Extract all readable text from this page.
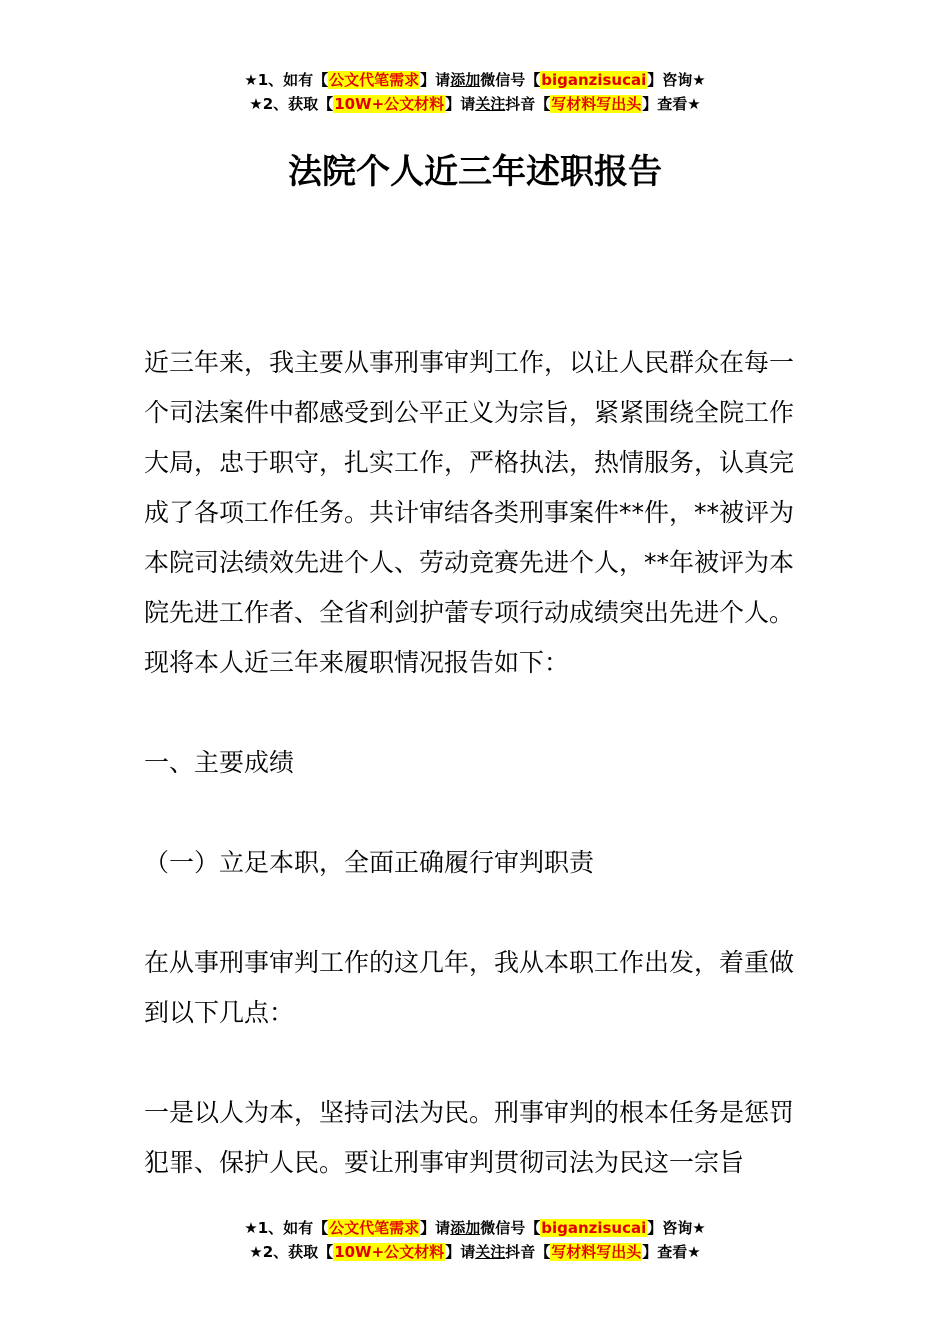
★1、如有【公文代笔需求】请添加微信号【biganzisucai】咨询★
★2、获取【10W+公文材料】请关注抖音【写材料写出头】查看★
法院个人近三年述职报告

近三年来，我主要从事刑事审判工作，以让人民群众在每一个司法案件中都感受到公平正义为宗旨，紧紧围绕全院工作大局，忠于职守，扎实工作，严格执法，热情服务，认真完成了各项工作任务。共计审结各类刑事案件**件，**被评为本院司法绩效先进个人、劳动竞赛先进个人，**年被评为本院先进工作者、全省利剑护蕾专项行动成绩突出先进个人。现将本人近三年来履职情况报告如下：

一、主要成绩

（一）立足本职，全面正确履行审判职责

在从事刑事审判工作的这几年，我从本职工作出发，着重做到以下几点：

一是以人为本，坚持司法为民。刑事审判的根本任务是惩罚犯罪、保护人民。要让刑事审判贯彻司法为民这一宗旨

★1、如有【公文代笔需求】请添加微信号【biganzisucai】咨询★
★2、获取【10W+公文材料】请关注抖音【写材料写出头】查看★
